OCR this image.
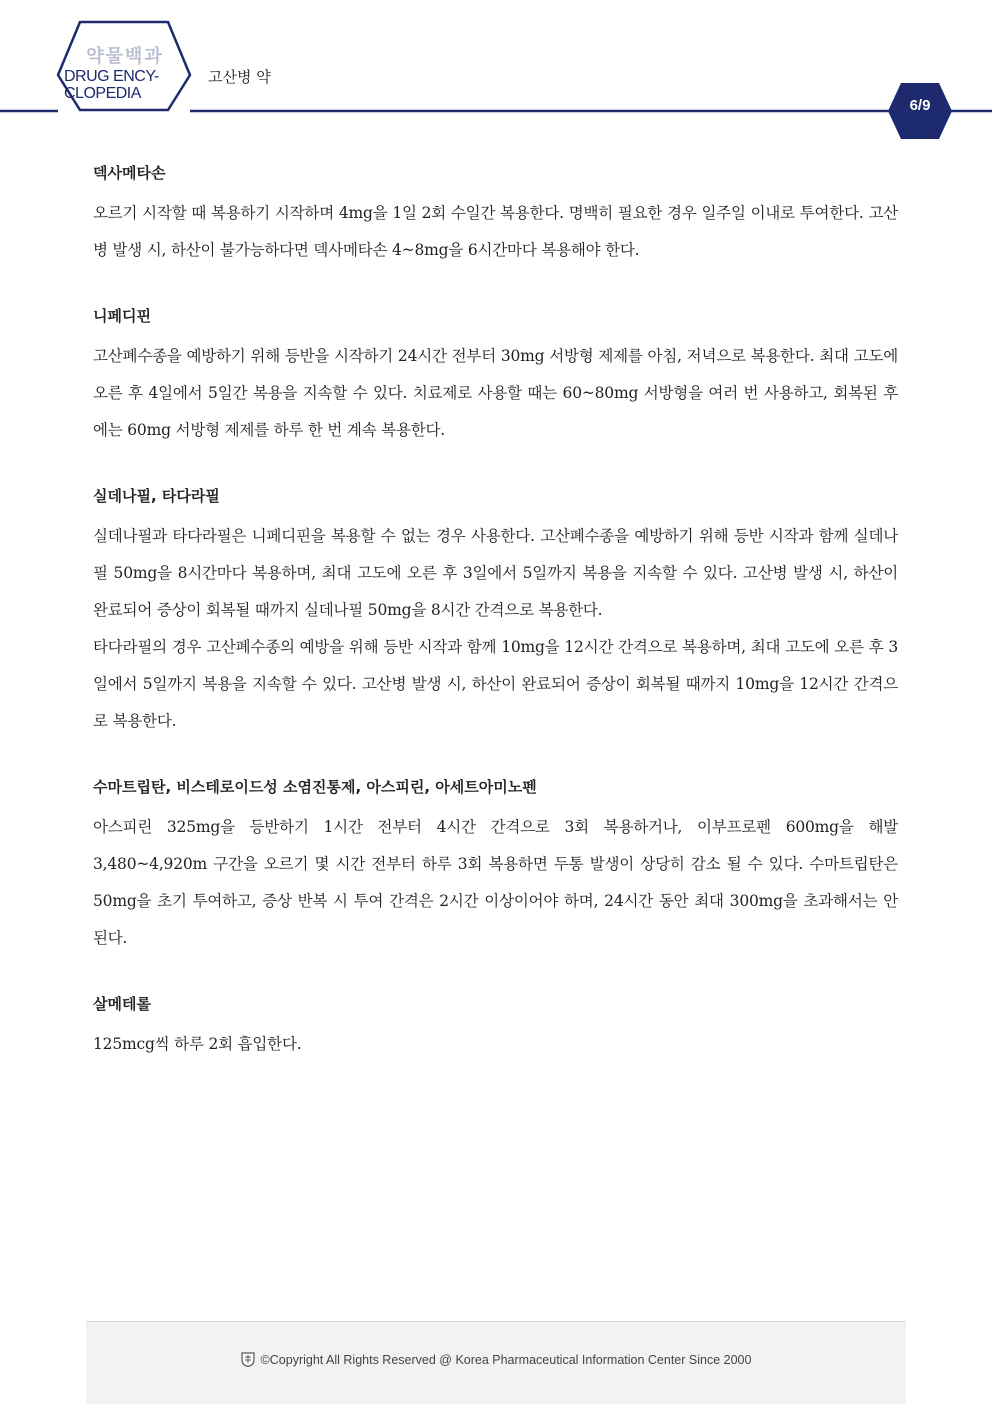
약물백과
DRUG ENCY-
CLOPEDIA
고산병 약
6/9
덱사메타손

오르기 시작할 때 복용하기 시작하며 4mg을 1일 2회 수일간 복용한다. 명백히 필요한 경우 일주일 이내로 투여한다. 고산병 발생 시, 하산이 불가능하다면 덱사메타손 4~8mg을 6시간마다 복용해야 한다.

니페디핀

고산폐수종을 예방하기 위해 등반을 시작하기 24시간 전부터 30mg 서방형 제제를 아침, 저녁으로 복용한다. 최대 고도에 오른 후 4일에서 5일간 복용을 지속할 수 있다. 치료제로 사용할 때는 60~80mg 서방형을 여러 번 사용하고, 회복된 후에는 60mg 서방형 제제를 하루 한 번 계속 복용한다.

실데나필, 타다라필

실데나필과 타다라필은 니페디핀을 복용할 수 없는 경우 사용한다. 고산폐수종을 예방하기 위해 등반 시작과 함께 실데나필 50mg을 8시간마다 복용하며, 최대 고도에 오른 후 3일에서 5일까지 복용을 지속할 수 있다. 고산병 발생 시, 하산이 완료되어 증상이 회복될 때까지 실데나필 50mg을 8시간 간격으로 복용한다.

타다라필의 경우 고산폐수종의 예방을 위해 등반 시작과 함께 10mg을 12시간 간격으로 복용하며, 최대 고도에 오른 후 3일에서 5일까지 복용을 지속할 수 있다. 고산병 발생 시, 하산이 완료되어 증상이 회복될 때까지 10mg을 12시간 간격으로 복용한다.

수마트립탄, 비스테로이드성 소염진통제, 아스피린, 아세트아미노펜

아스피린 325mg을 등반하기 1시간 전부터 4시간 간격으로 3회 복용하거나, 이부프로펜 600mg을 해발 3,480~4,920m 구간을 오르기 몇 시간 전부터 하루 3회 복용하면 두통 발생이 상당히 감소 될 수 있다. 수마트립탄은 50mg을 초기 투여하고, 증상 반복 시 투여 간격은 2시간 이상이어야 하며, 24시간 동안 최대 300mg을 초과해서는 안 된다.

살메테롤

125mcg씩 하루 2회 흡입한다.

©Copyright All Rights Reserved @ Korea Pharmaceutical Information Center Since 2000
